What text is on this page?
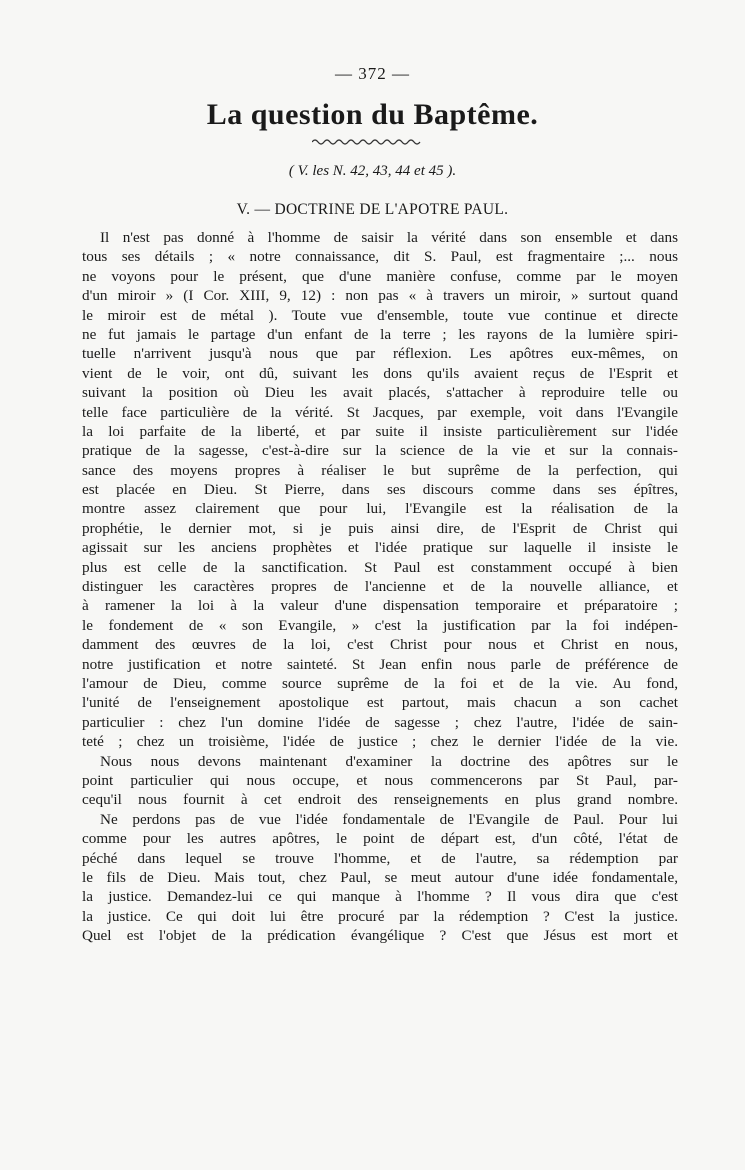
— 372 —
La question du Baptême.
( V. les N. 42, 43, 44 et 45 ).
V. — DOCTRINE DE L'APOTRE PAUL.
Il n'est pas donné à l'homme de saisir la vérité dans son ensemble et dans
tous ses détails ; « notre connaissance, dit S. Paul, est fragmentaire ;... nous
ne voyons pour le présent, que d'une manière confuse, comme par le moyen
d'un miroir » (I Cor. XIII, 9, 12) : non pas « à travers un miroir, » surtout quand
le miroir est de métal ). Toute vue d'ensemble, toute vue continue et directe
ne fut jamais le partage d'un enfant de la terre ; les rayons de la lumière spiri-
tuelle n'arrivent jusqu'à nous que par réflexion. Les apôtres eux-mêmes, on
vient de le voir, ont dû, suivant les dons qu'ils avaient reçus de l'Esprit et
suivant la position où Dieu les avait placés, s'attacher à reproduire telle ou
telle face particulière de la vérité. St Jacques, par exemple, voit dans l'Evangile
la loi parfaite de la liberté, et par suite il insiste particulièrement sur l'idée
pratique de la sagesse, c'est-à-dire sur la science de la vie et sur la connais-
sance des moyens propres à réaliser le but suprême de la perfection, qui
est placée en Dieu. St Pierre, dans ses discours comme dans ses épîtres,
montre assez clairement que pour lui, l'Evangile est la réalisation de la
prophétie, le dernier mot, si je puis ainsi dire, de l'Esprit de Christ qui
agissait sur les anciens prophètes et l'idée pratique sur laquelle il insiste le
plus est celle de la sanctification. St Paul est constamment occupé à bien
distinguer les caractères propres de l'ancienne et de la nouvelle alliance, et
à ramener la loi à la valeur d'une dispensation temporaire et préparatoire ;
le fondement de « son Evangile, » c'est la justification par la foi indépen-
damment des œuvres de la loi, c'est Christ pour nous et Christ en nous,
notre justification et notre sainteté. St Jean enfin nous parle de préférence de
l'amour de Dieu, comme source suprême de la foi et de la vie. Au fond,
l'unité de l'enseignement apostolique est partout, mais chacun a son cachet
particulier : chez l'un domine l'idée de sagesse ; chez l'autre, l'idée de sain-
teté ; chez un troisième, l'idée de justice ; chez le dernier l'idée de la vie.
Nous nous devons maintenant d'examiner la doctrine des apôtres sur le
point particulier qui nous occupe, et nous commencerons par St Paul, par-
cequ'il nous fournit à cet endroit des renseignements en plus grand nombre.
Ne perdons pas de vue l'idée fondamentale de l'Evangile de Paul. Pour lui
comme pour les autres apôtres, le point de départ est, d'un côté, l'état de
péché dans lequel se trouve l'homme, et de l'autre, sa rédemption par
le fils de Dieu. Mais tout, chez Paul, se meut autour d'une idée fondamentale,
la justice. Demandez-lui ce qui manque à l'homme ? Il vous dira que c'est
la justice. Ce qui doit lui être procuré par la rédemption ? C'est la justice.
Quel est l'objet de la prédication évangélique ? C'est que Jésus est mort et
